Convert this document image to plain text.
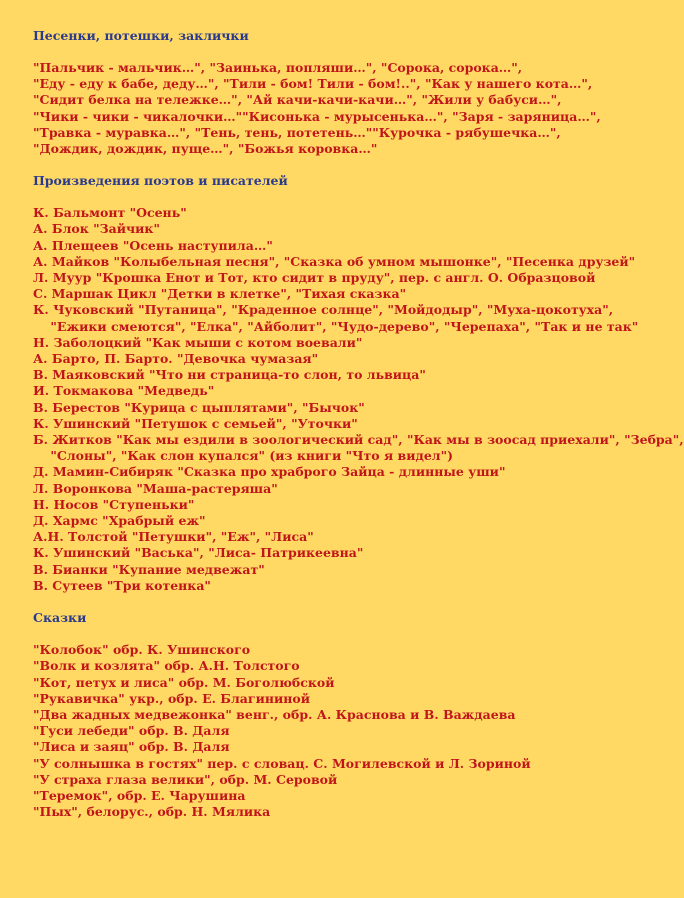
Песенки, потешки, заклички
"Пальчик - мальчик…", "Заинька, попляши…", "Сорока, сорока…",
"Еду - еду к бабе, деду…", "Тили - бом! Тили - бом!..", "Как у нашего кота…",
"Сидит белка на тележке…", "Ай качи-качи-качи…", "Жили у бабуси…",
"Чики - чики - чикалочки…""Кисонька - мурысенька…", "Заря - заряница…",
"Травка - муравка…", "Тень, тень, потетень…""Курочка - рябушечка…",
"Дождик, дождик, пуще…", "Божья коровка…"
Произведения поэтов и писателей
К. Бальмонт "Осень"
А. Блок "Зайчик"
А. Плещеев "Осень наступила…"
А. Майков "Колыбельная песня", "Сказка об умном мышонке", "Песенка друзей"
Л. Муур "Крошка Енот и Тот, кто сидит в пруду", пер. с англ. О. Образцовой
С. Маршак Цикл "Детки в клетке", "Тихая сказка"
К. Чуковский "Путаница", "Краденное солнце", "Мойдодыр", "Муха-цокотуха",
"Ежики смеются", "Елка", "Айболит", "Чудо-дерево", "Черепаха", "Так и не так"
Н. Заболоцкий "Как мыши с котом воевали"
А. Барто, П. Барто. "Девочка чумазая"
В. Маяковский "Что ни страница-то слон, то львица"
И. Токмакова "Медведь"
В. Берестов "Курица с цыплятами", "Бычок"
К. Ушинский "Петушок с семьей", "Уточки"
Б. Житков "Как мы ездили в зоологический сад", "Как мы в зоосад приехали", "Зебра",
"Слоны", "Как слон купался" (из книги "Что я видел")
Д. Мамин-Сибиряк "Сказка про храброго Зайца - длинные уши"
Л. Воронкова "Маша-растеряша"
Н. Носов "Ступеньки"
Д. Хармс "Храбрый еж"
А.Н. Толстой "Петушки", "Еж", "Лиса"
К. Ушинский "Васька", "Лиса- Патрикеевна"
В. Бианки "Купание медвежат"
В. Сутеев "Три котенка"
Сказки
"Колобок" обр. К. Ушинского
"Волк и козлята" обр. А.Н. Толстого
"Кот, петух и лиса" обр. М. Боголюбской
"Рукавичка" укр., обр. Е. Благининой
"Два жадных медвежонка" венг., обр. А. Краснова и В. Важдаева
"Гуси лебеди" обр. В. Даля
"Лиса и заяц" обр. В. Даля
"У солнышка в гостях" пер. с словац. С. Могилевской и Л. Зориной
"У страха глаза велики", обр. М. Серовой
"Теремок", обр. Е. Чарушина
"Пых", белорус., обр. Н. Мялика
